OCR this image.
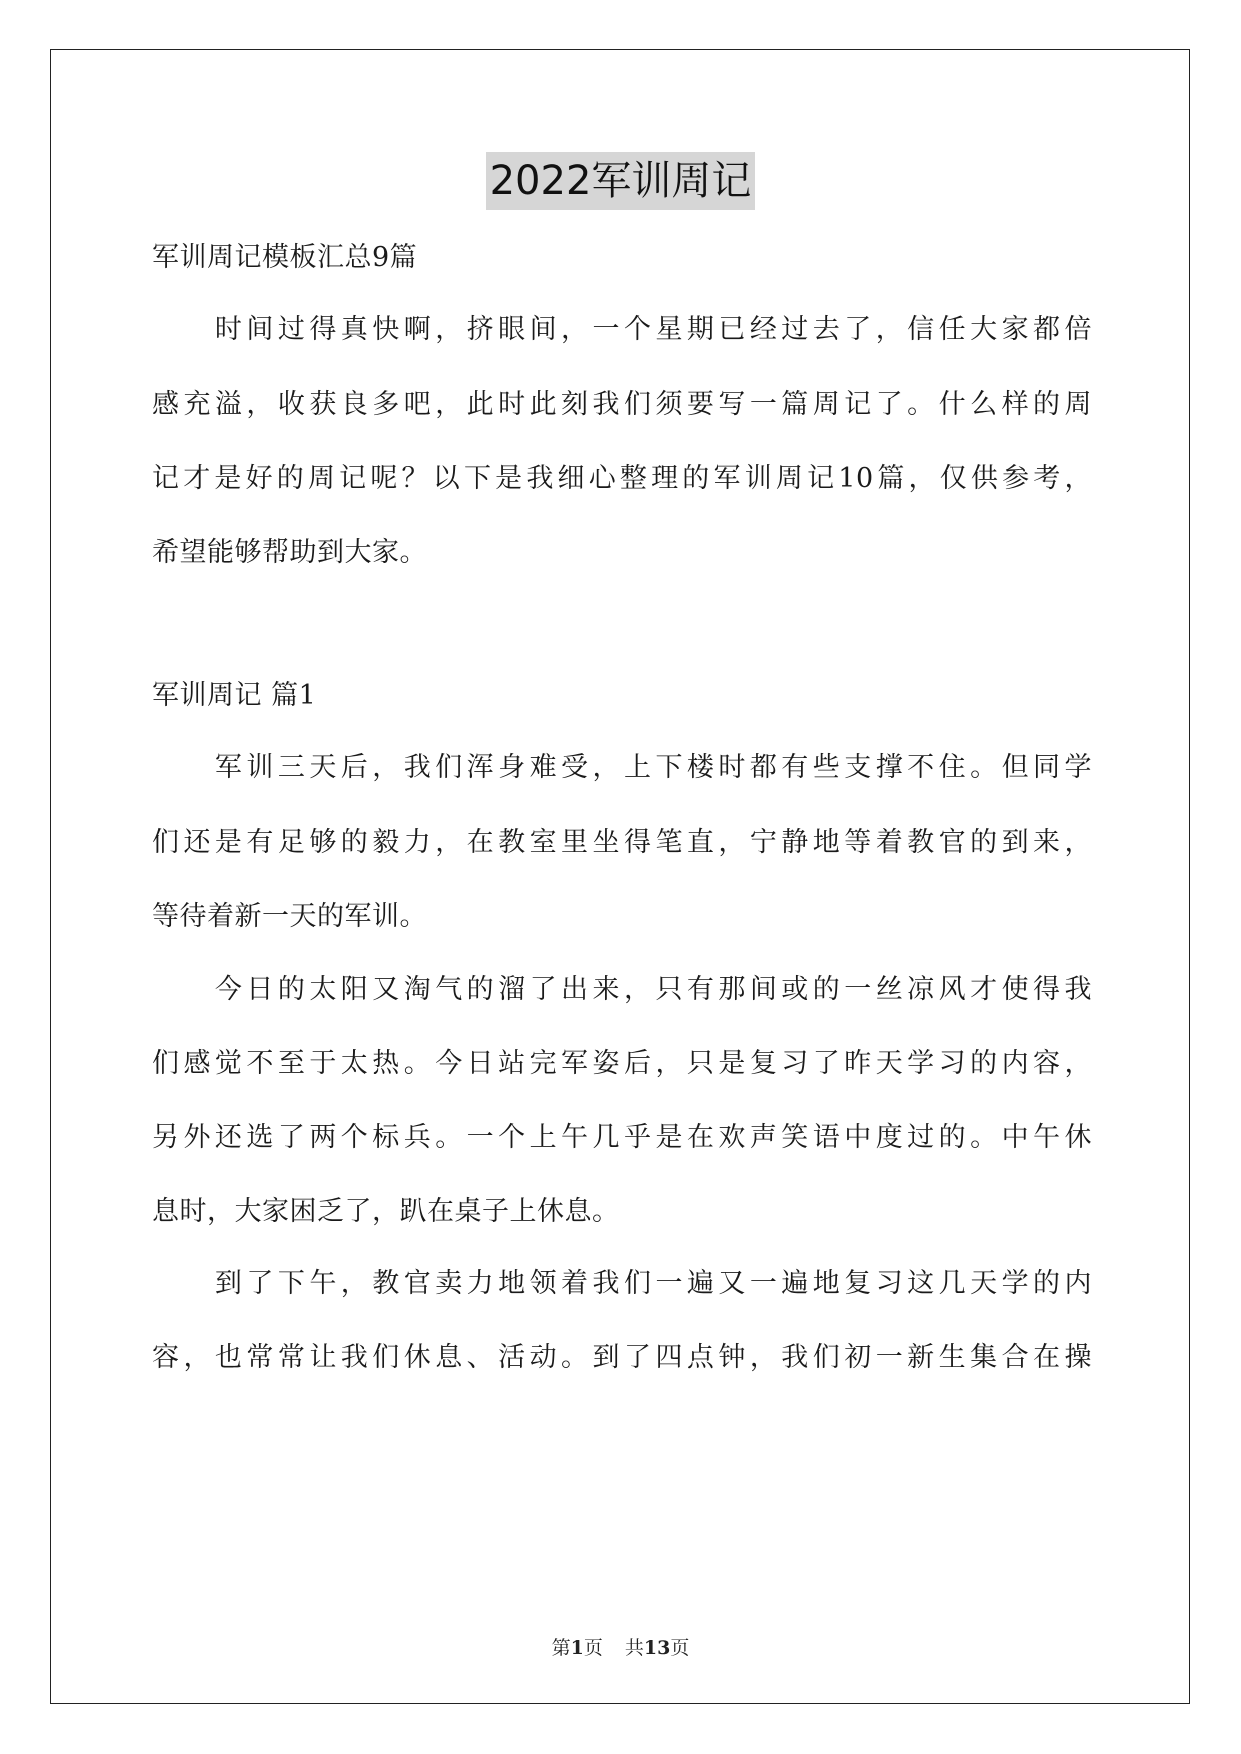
2022军训周记
军训周记模板汇总9篇
　　时间过得真快啊，挤眼间，一个星期已经过去了，信任大家都倍
感充溢，收获良多吧，此时此刻我们须要写一篇周记了。什么样的周
记才是好的周记呢？以下是我细心整理的军训周记10篇，仅供参考，
希望能够帮助到大家。
军训周记 篇1
　　军训三天后，我们浑身难受，上下楼时都有些支撑不住。但同学
们还是有足够的毅力，在教室里坐得笔直，宁静地等着教官的到来，
等待着新一天的军训。
　　今日的太阳又淘气的溜了出来，只有那间或的一丝凉风才使得我
们感觉不至于太热。今日站完军姿后，只是复习了昨天学习的内容，
另外还选了两个标兵。一个上午几乎是在欢声笑语中度过的。中午休
息时，大家困乏了，趴在桌子上休息。
　　到了下午，教官卖力地领着我们一遍又一遍地复习这几天学的内
容，也常常让我们休息、活动。到了四点钟，我们初一新生集合在操
第1页 共13页
